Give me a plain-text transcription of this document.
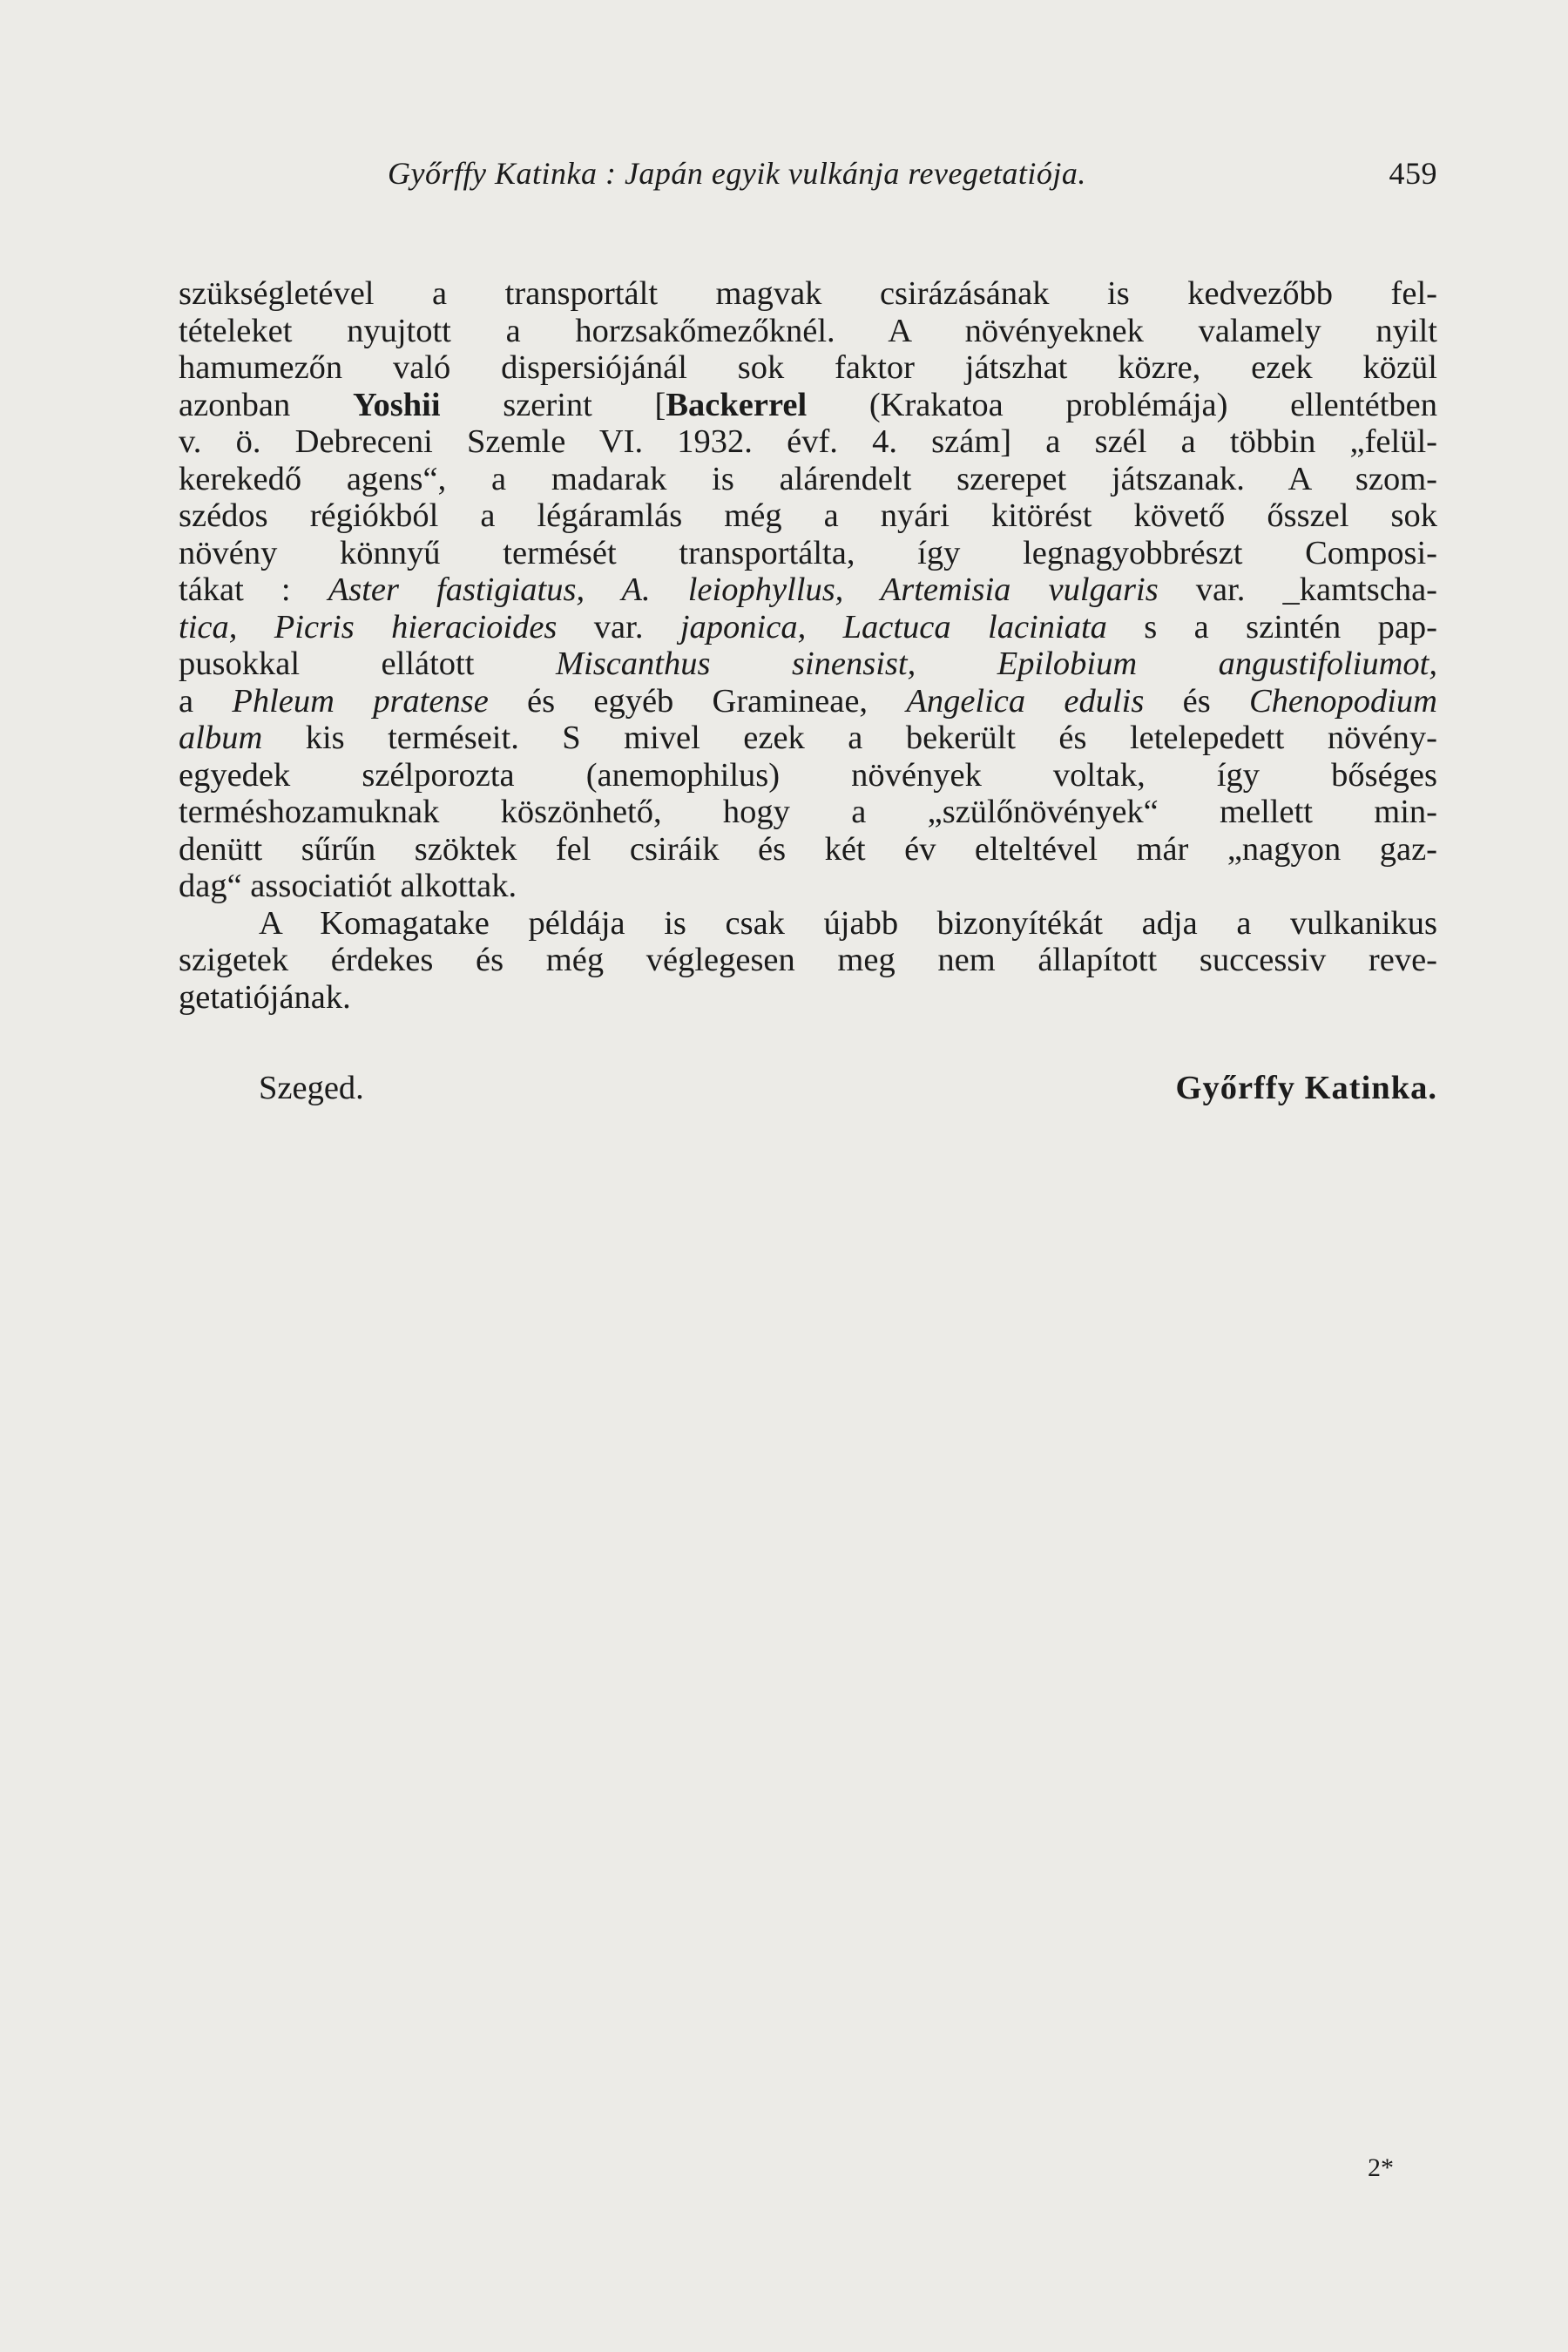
Győrffy Katinka : Japán egyik vulkánja revegetatiója.	459
szükségletével a transportált magvak csirázásának is kedvezőbb fel-
tételeket nyujtott a horzsakőmezőknél. A növényeknek valamely nyilt
hamumezőn való dispersiójánál sok faktor játszhat közre, ezek közül
azonban Yoshii szerint [Backerrel (Krakatoa problémája) ellentétben
v. ö. Debreceni Szemle VI. 1932. évf. 4. szám] a szél a többin „felül-
kerekedő agens“, a madarak is alárendelt szerepet játszanak. A szom-
szédos régiókból a légáramlás még a nyári kitörést követő ősszel sok
növény könnyű termését transportálta, így legnagyobbrészt Composi-
tákat : Aster fastigiatus, A. leiophyllus, Artemisia vulgaris var. _kamtscha-
tica, Picris hieracioides var. japonica, Lactuca laciniata s a szintén pap-
pusokkal ellátott Miscanthus sinensist, Epilobium angustifoliumot,
a Phleum pratense és egyéb Gramineae, Angelica edulis és Chenopodium
album kis terméseit. S mivel ezek a bekerült és letelepedett növény-
egyedek szélporozta (anemophilus) növények voltak, így bőséges
terméshozamuknak köszönhető, hogy a „szülőnövények“ mellett min-
denütt sűrűn szöktek fel csiráik és két év elteltével már „nagyon gaz-
dag“ associatiót alkottak.
A Komagatake példája is csak újabb bizonyítékát adja a vulkanikus
szigetek érdekes és még véglegesen meg nem állapított successiv reve-
getatiójának.
Szeged.	Győrffy Katinka.
2*
